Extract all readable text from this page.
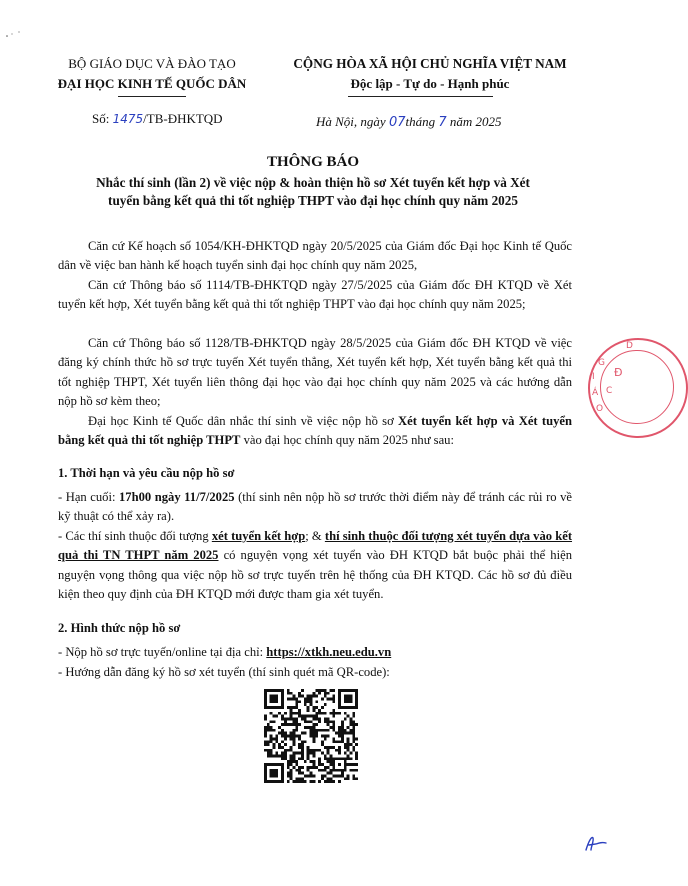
BỘ GIÁO DỤC VÀ ĐÀO TẠO
ĐẠI HỌC KINH TẾ QUỐC DÂN
Số: 1475/TB-ĐHKTQD
CỘNG HÒA XÃ HỘI CHỦ NGHĨA VIỆT NAM
Độc lập - Tự do - Hạnh phúc
Hà Nội, ngày 07tháng 7 năm 2025
THÔNG BÁO
Nhắc thí sinh (lần 2) về việc nộp & hoàn thiện hồ sơ Xét tuyển kết hợp và Xét
tuyển bằng kết quả thi tốt nghiệp THPT vào đại học chính quy năm 2025
Căn cứ Kế hoạch số 1054/KH-ĐHKTQD ngày 20/5/2025 của Giám đốc Đại học Kinh tế Quốc dân về việc ban hành kế hoạch tuyển sinh đại học chính quy năm 2025,
Căn cứ Thông báo số 1114/TB-ĐHKTQD ngày 27/5/2025 của Giám đốc ĐH KTQD về Xét tuyển kết hợp, Xét tuyển bằng kết quả thi tốt nghiệp THPT vào đại học chính quy năm 2025;
Căn cứ Thông báo số 1128/TB-ĐHKTQD ngày 28/5/2025 của Giám đốc ĐH KTQD về việc đăng ký chính thức hồ sơ trực tuyến Xét tuyển thẳng, Xét tuyển kết hợp, Xét tuyển bằng kết quả thi tốt nghiệp THPT, Xét tuyển liên thông đại học vào đại học chính quy năm 2025 và các hướng dẫn nộp hồ sơ kèm theo;
Đại học Kinh tế Quốc dân nhắc thí sinh về việc nộp hồ sơ Xét tuyển kết hợp và Xét tuyển bằng kết quả thi tốt nghiệp THPT vào đại học chính quy năm 2025 như sau:
1. Thời hạn và yêu cầu nộp hồ sơ
- Hạn cuối: 17h00 ngày 11/7/2025 (thí sinh nên nộp hồ sơ trước thời điểm này để tránh các rủi ro về kỹ thuật có thể xảy ra).
- Các thí sinh thuộc đối tượng xét tuyển kết hợp; & thí sinh thuộc đối tượng xét tuyển dựa vào kết quả thi TN THPT năm 2025 có nguyện vọng xét tuyển vào ĐH KTQD bắt buộc phải thể hiện nguyện vọng thông qua việc nộp hồ sơ trực tuyến trên hệ thống của ĐH KTQD. Các hồ sơ đủ điều kiện theo quy định của ĐH KTQD mới được tham gia xét tuyển.
2. Hình thức nộp hồ sơ
- Nộp hồ sơ trực tuyến/online tại địa chỉ: https://xtkh.neu.edu.vn
- Hướng dẫn đăng ký hồ sơ xét tuyển (thí sinh quét mã QR-code):
D
Đ
C
G
I
Á
O
